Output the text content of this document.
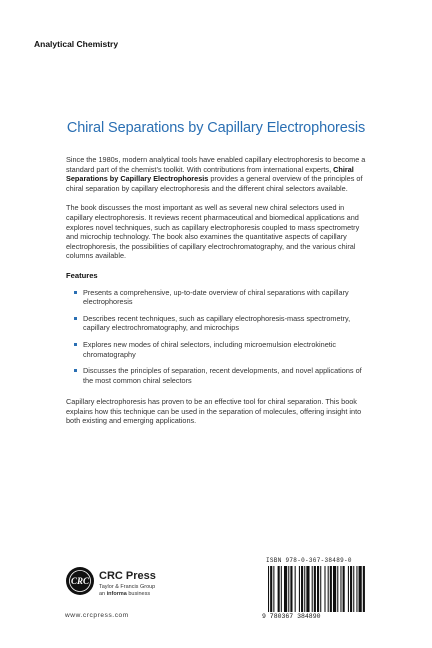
Analytical Chemistry
Chiral Separations by Capillary Electrophoresis

Since the 1980s, modern analytical tools have enabled capillary electrophoresis to become a standard part of the chemist’s toolkit. With contributions from international experts, Chiral Separations by Capillary Electrophoresis provides a general overview of the principles of chiral separation by capillary electrophoresis and the different chiral selectors available.

The book discusses the most important as well as several new chiral selectors used in capillary electrophoresis. It reviews recent pharmaceutical and biomedical applications and explores novel techniques, such as capillary electrophoresis coupled to mass spectrometry and microchip technology. The book also examines the quantitative aspects of capillary electrophoresis, the possibilities of capillary electrochromatography, and the various chiral columns available.

Features
Presents a comprehensive, up-to-date overview of chiral separations with capillary electrophoresis
Describes recent techniques, such as capillary electrophoresis-mass spectrometry, capillary electrochromatography, and microchips
Explores new modes of chiral selectors, including microemulsion electrokinetic chromatography
Discusses the principles of separation, recent developments, and novel applications of the most common chiral selectors

Capillary electrophoresis has proven to be an effective tool for chiral separation. This book explains how this technique can be used in the separation of molecules, offering insight into both existing and emerging applications.

CRC CRC Press
Taylor & Francis Group
an informa business
www.crcpress.com
ISBN 978-0-367-38489-0
9 780367 384890
